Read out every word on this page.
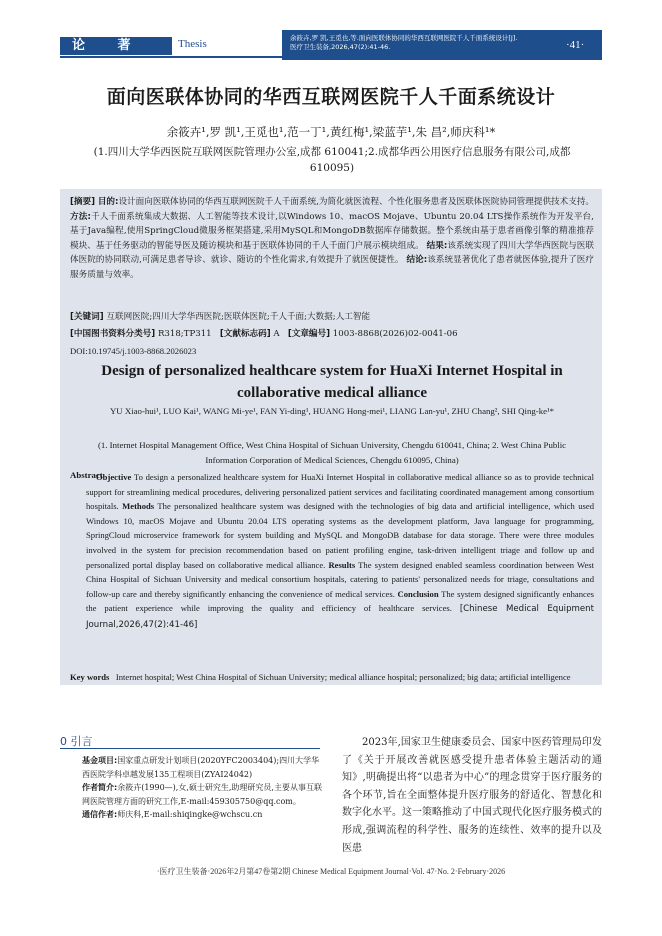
论 著	Thesis	余筱卉,罗 凯,王觅也,等.面向医联体协同的华西互联网医院千人千面系统设计[J].
医疗卫生装备,2026,47(2):41-46.	·41·
面向医联体协同的华西互联网医院千人千面系统设计
余筱卉¹,罗 凯¹,王觅也¹,范一丁¹,黄红梅¹,梁蓝芋¹,朱 昌²,师庆科¹*
(1.四川大学华西医院互联网医院管理办公室,成都 610041;2.成都华西公用医疗信息服务有限公司,成都 610095)
[摘要] 目的:设计面向医联体协同的华西互联网医院千人千面系统,为简化就医流程、个性化服务患者及医联体医院协同管理提供技术支持。 方法:千人千面系统集成大数据、人工智能等技术设计,以Windows 10、macOS Mojave、Ubuntu 20.04 LTS操作系统作为开发平台,基于Java编程,使用SpringCloud微服务框架搭建,采用MySQL和MongoDB数据库存储数据。整个系统由基于患者画像引擎的精准推荐模块、基于任务驱动的智能导医及随访模块和基于医联体协同的千人千面门户展示模块组成。 结果:该系统实现了四川大学华西医院与医联体医院的协同联动,可满足患者导诊、就诊、随访的个性化需求,有效提升了就医便捷性。 结论:该系统显著优化了患者就医体验,提升了医疗服务质量与效率。
[关键词] 互联网医院;四川大学华西医院;医联体医院;千人千面;大数据;人工智能
[中国图书资料分类号] R318;TP311 [文献标志码] A [文章编号] 1003-8868(2026)02-0041-06
DOI:10.19745/j.1003-8868.2026023
Design of personalized healthcare system for HuaXi Internet Hospital in collaborative medical alliance
YU Xiao-hui¹, LUO Kai¹, WANG Mi-ye¹, FAN Yi-ding¹, HUANG Hong-mei¹, LIANG Lan-yu¹, ZHU Chang², SHI Qing-ke¹*
(1. Internet Hospital Management Office, West China Hospital of Sichuan University, Chengdu 610041, China; 2. West China Public Information Corporation of Medical Sciences, Chengdu 610095, China)
Abstract
Objective To design a personalized healthcare system for HuaXi Internet Hospital in collaborative medical alliance so as to provide technical support for streamlining medical procedures, delivering personalized patient services and facilitating coordinated management among consortium hospitals. Methods The personalized healthcare system was designed with the technologies of big data and artificial intelligence, which used Windows 10, macOS Mojave and Ubuntu 20.04 LTS operating systems as the development platform, Java language for programming, SpringCloud microservice framework for system building and MySQL and MongoDB database for data storage. There were three modules involved in the system for precision recommendation based on patient profiling engine, task-driven intelligent triage and follow up and personalized portal display based on collaborative medical alliance. Results The system designed enabled seamless coordination between West China Hospital of Sichuan University and medical consortium hospitals, catering to patients' personalized needs for triage, consultations and follow-up care and thereby significantly enhancing the convenience of medical services. Conclusion The system designed significantly enhances the patient experience while improving the quality and efficiency of healthcare services. [Chinese Medical Equipment Journal,2026,47(2):41-46]
Key words Internet hospital; West China Hospital of Sichuan University; medical alliance hospital; personalized; big data; artificial intelligence
0 引言
基金项目:国家重点研发计划项目(2020YFC2003404);四川大学华西医院学科卓越发展135工程项目(ZYAI24042)
作者简介:余筱卉(1990—),女,硕士研究生,助理研究员,主要从事互联网医院管理方面的研究工作,E-mail:459305750@qq.com。
通信作者:师庆科,E-mail:shiqingke@wchscu.cn
2023年,国家卫生健康委员会、国家中医药管理局印发了《关于开展改善就医感受提升患者体验主题活动的通知》,明确提出将“以患者为中心”的理念贯穿于医疗服务的各个环节,旨在全面整体提升医疗服务的舒适化、智慧化和数字化水平。这一策略推动了中国式现代化医疗服务模式的形成,强调流程的科学性、服务的连续性、效率的提升以及医患
·医疗卫生装备·2026年2月第47卷第2期 Chinese Medical Equipment Journal·Vol. 47·No. 2·February·2026
